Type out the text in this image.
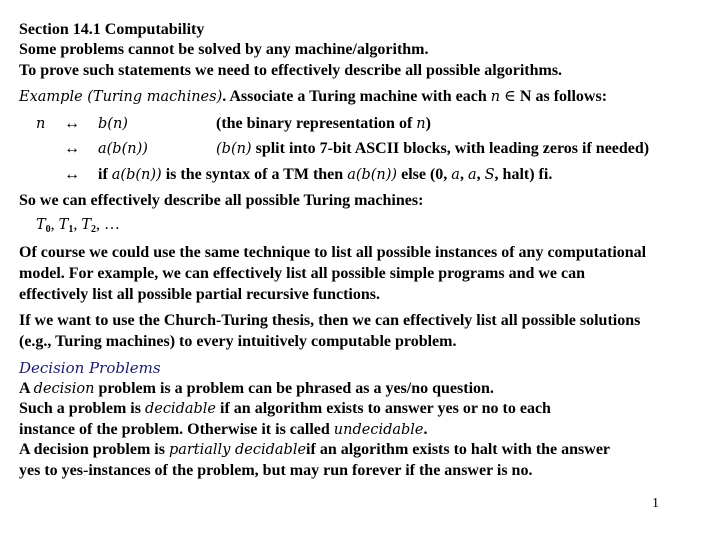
Section 14.1 Computability
Some problems cannot be solved by any machine/algorithm.
To prove such statements we need to effectively describe all possible algorithms.
Example (Turing machines). Associate a Turing machine with each n ∈ N as follows:
n ↔ b(n)	(the binary representation of n)
↔ a(b(n))	(b(n) split into 7-bit ASCII blocks, with leading zeros if needed)
↔ if a(b(n)) is the syntax of a TM then a(b(n)) else (0, a, a, S, halt) fi.
So we can effectively describe all possible Turing machines:
$T_0$, $T_1$, $T_2$, …
Of course we could use the same technique to list all possible instances of any computational
model. For example, we can effectively list all possible simple programs and we can
effectively list all possible partial recursive functions.
If we want to use the Church-Turing thesis, then we can effectively list all possible solutions
(e.g., Turing machines) to every intuitively computable problem.
Decision Problems
A decision problem is a problem can be phrased as a yes/no question.
Such a problem is decidable if an algorithm exists to answer yes or no to each
instance of the problem. Otherwise it is called undecidable.
A decision problem is partially decidableif an algorithm exists to halt with the answer
yes to yes-instances of the problem, but may run forever if the answer is no.
1
